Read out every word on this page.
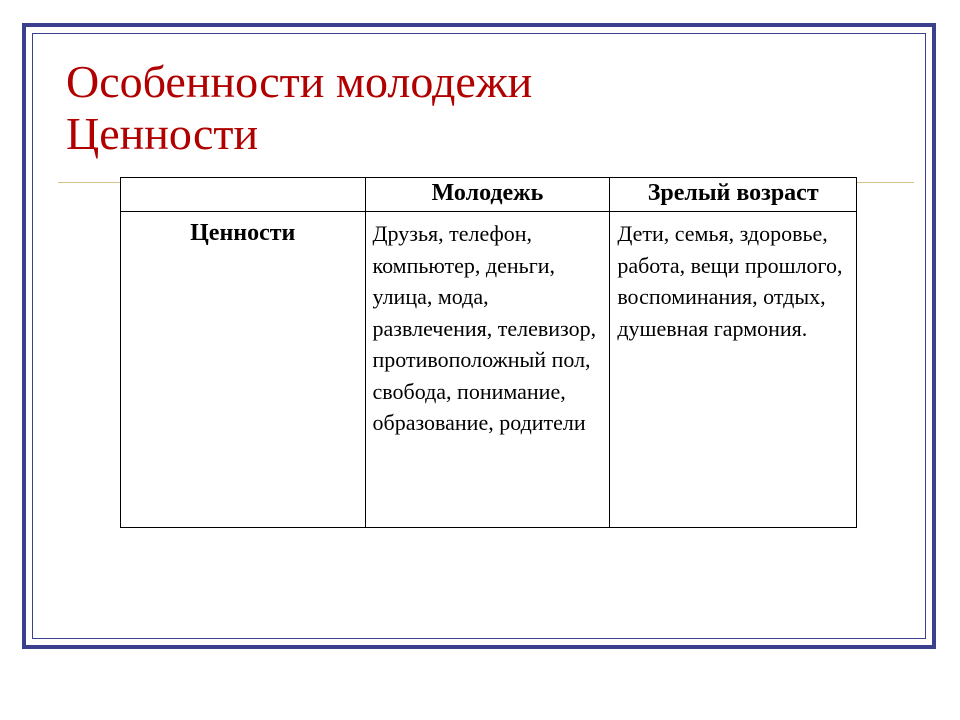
Особенности молодежи
Ценности
	Молодежь	Зрелый возраст
Ценности	Друзья, телефон, компьютер, деньги, улица, мода, развлечения, телевизор, противоположный пол, свобода, понимание, образование, родители	Дети, семья, здоровье, работа, вещи прошлого, воспоминания, отдых, душевная гармония.
